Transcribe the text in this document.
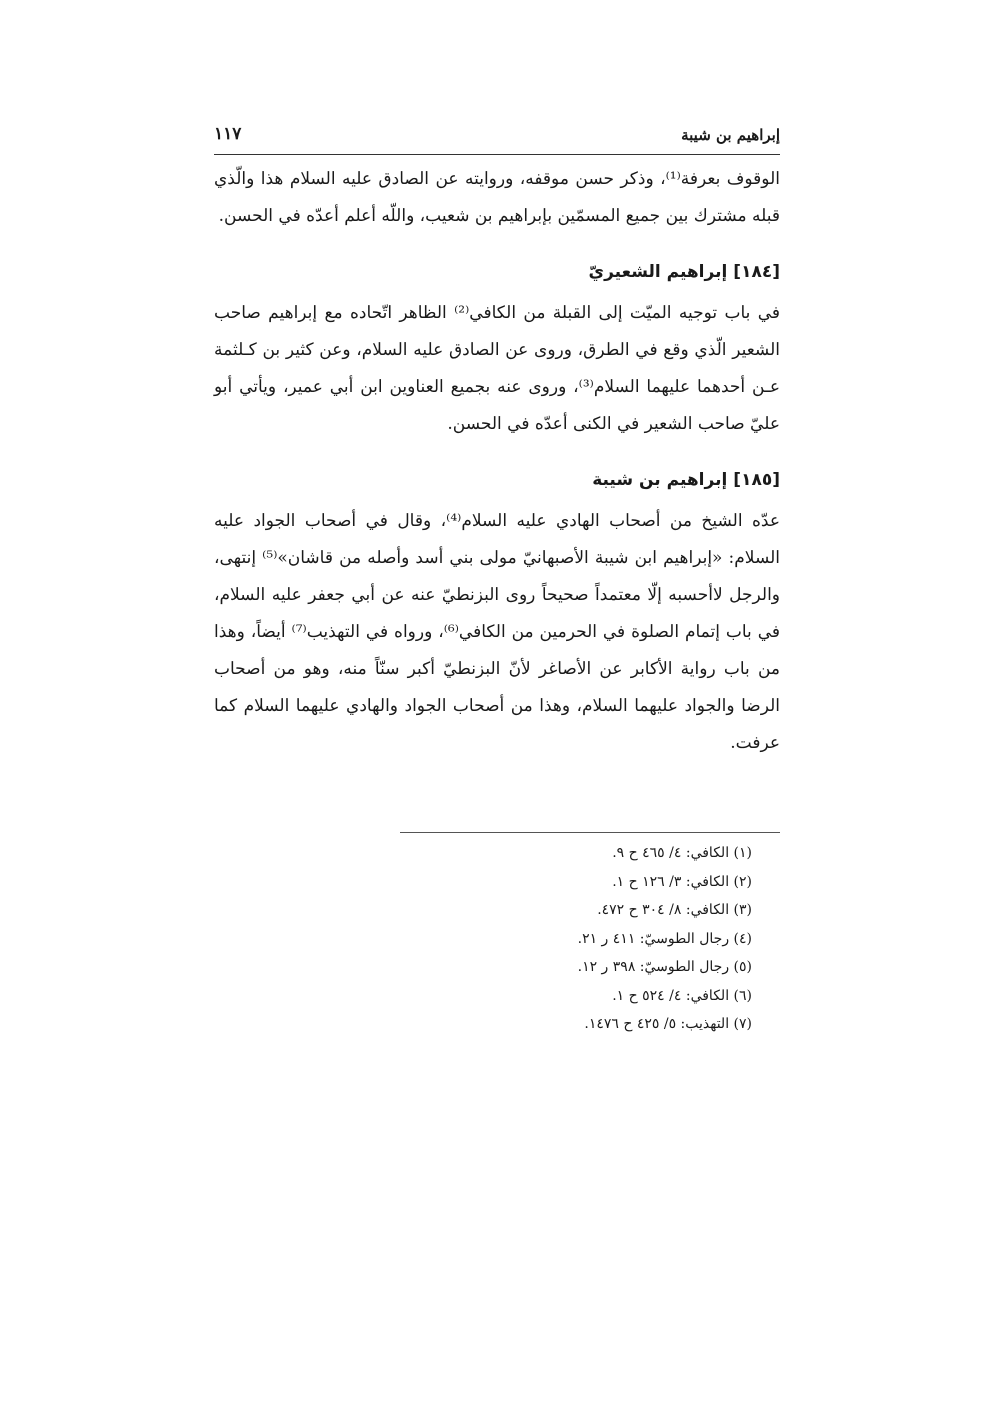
إبراهيم بن شيبة
١١٧

الوقوف بعرفة⁽¹⁾، وذكر حسن موقفه، وروايته عن الصادق عليه السلام هذا والّذي قبله مشترك بين جميع المسمّين بإبراهيم بن شعيب، واللّه أعلم أعدّه في الحسن.

[١٨٤]إبراهيم الشعيريّ

في باب توجيه الميّت إلى القبلة من الكافي⁽²⁾ الظاهر اتّحاده مع إبراهيم صاحب الشعير الّذي وقع في الطرق، وروى عن الصادق عليه السلام، وعن كثير بن كـلثمة عـن أحدهما عليهما السلام⁽³⁾، وروى عنه بجميع العناوين ابن أبي عمير، ويأتي أبو عليّ صاحب الشعير في الكنى أعدّه في الحسن.

[١٨٥]إبراهيم بن شيبة

عدّه الشيخ من أصحاب الهادي عليه السلام⁽⁴⁾، وقال في أصحاب الجواد عليه السلام: «إبراهيم ابن شيبة الأصبهانيّ مولى بني أسد وأصله من قاشان»⁽⁵⁾ إنتهى، والرجل لاأحسبه إلّا معتمداً صحيحاً روى البزنطيّ عنه عن أبي جعفر عليه السلام، في باب إتمام الصلوة في الحرمين من الكافي⁽⁶⁾، ورواه في التهذيب⁽⁷⁾ أيضاً، وهذا من باب رواية الأكابر عن الأصاغر لأنّ البزنطيّ أكبر سنّاً منه، وهو من أصحاب الرضا والجواد عليهما السلام، وهذا من أصحاب الجواد والهادي عليهما السلام كما عرفت.

(١) الكافي: ٤/ ٤٦٥ ح ٩.
(٢) الكافي: ٣/ ١٢٦ ح ١.
(٣) الكافي: ٨/ ٣٠٤ ح ٤٧٢.
(٤) رجال الطوسيّ: ٤١١ ر ٢١.
(٥) رجال الطوسيّ: ٣٩٨ ر ١٢.
(٦) الكافي: ٤/ ٥٢٤ ح ١.
(٧) التهذيب: ٥/ ٤٢٥ ح ١٤٧٦.
